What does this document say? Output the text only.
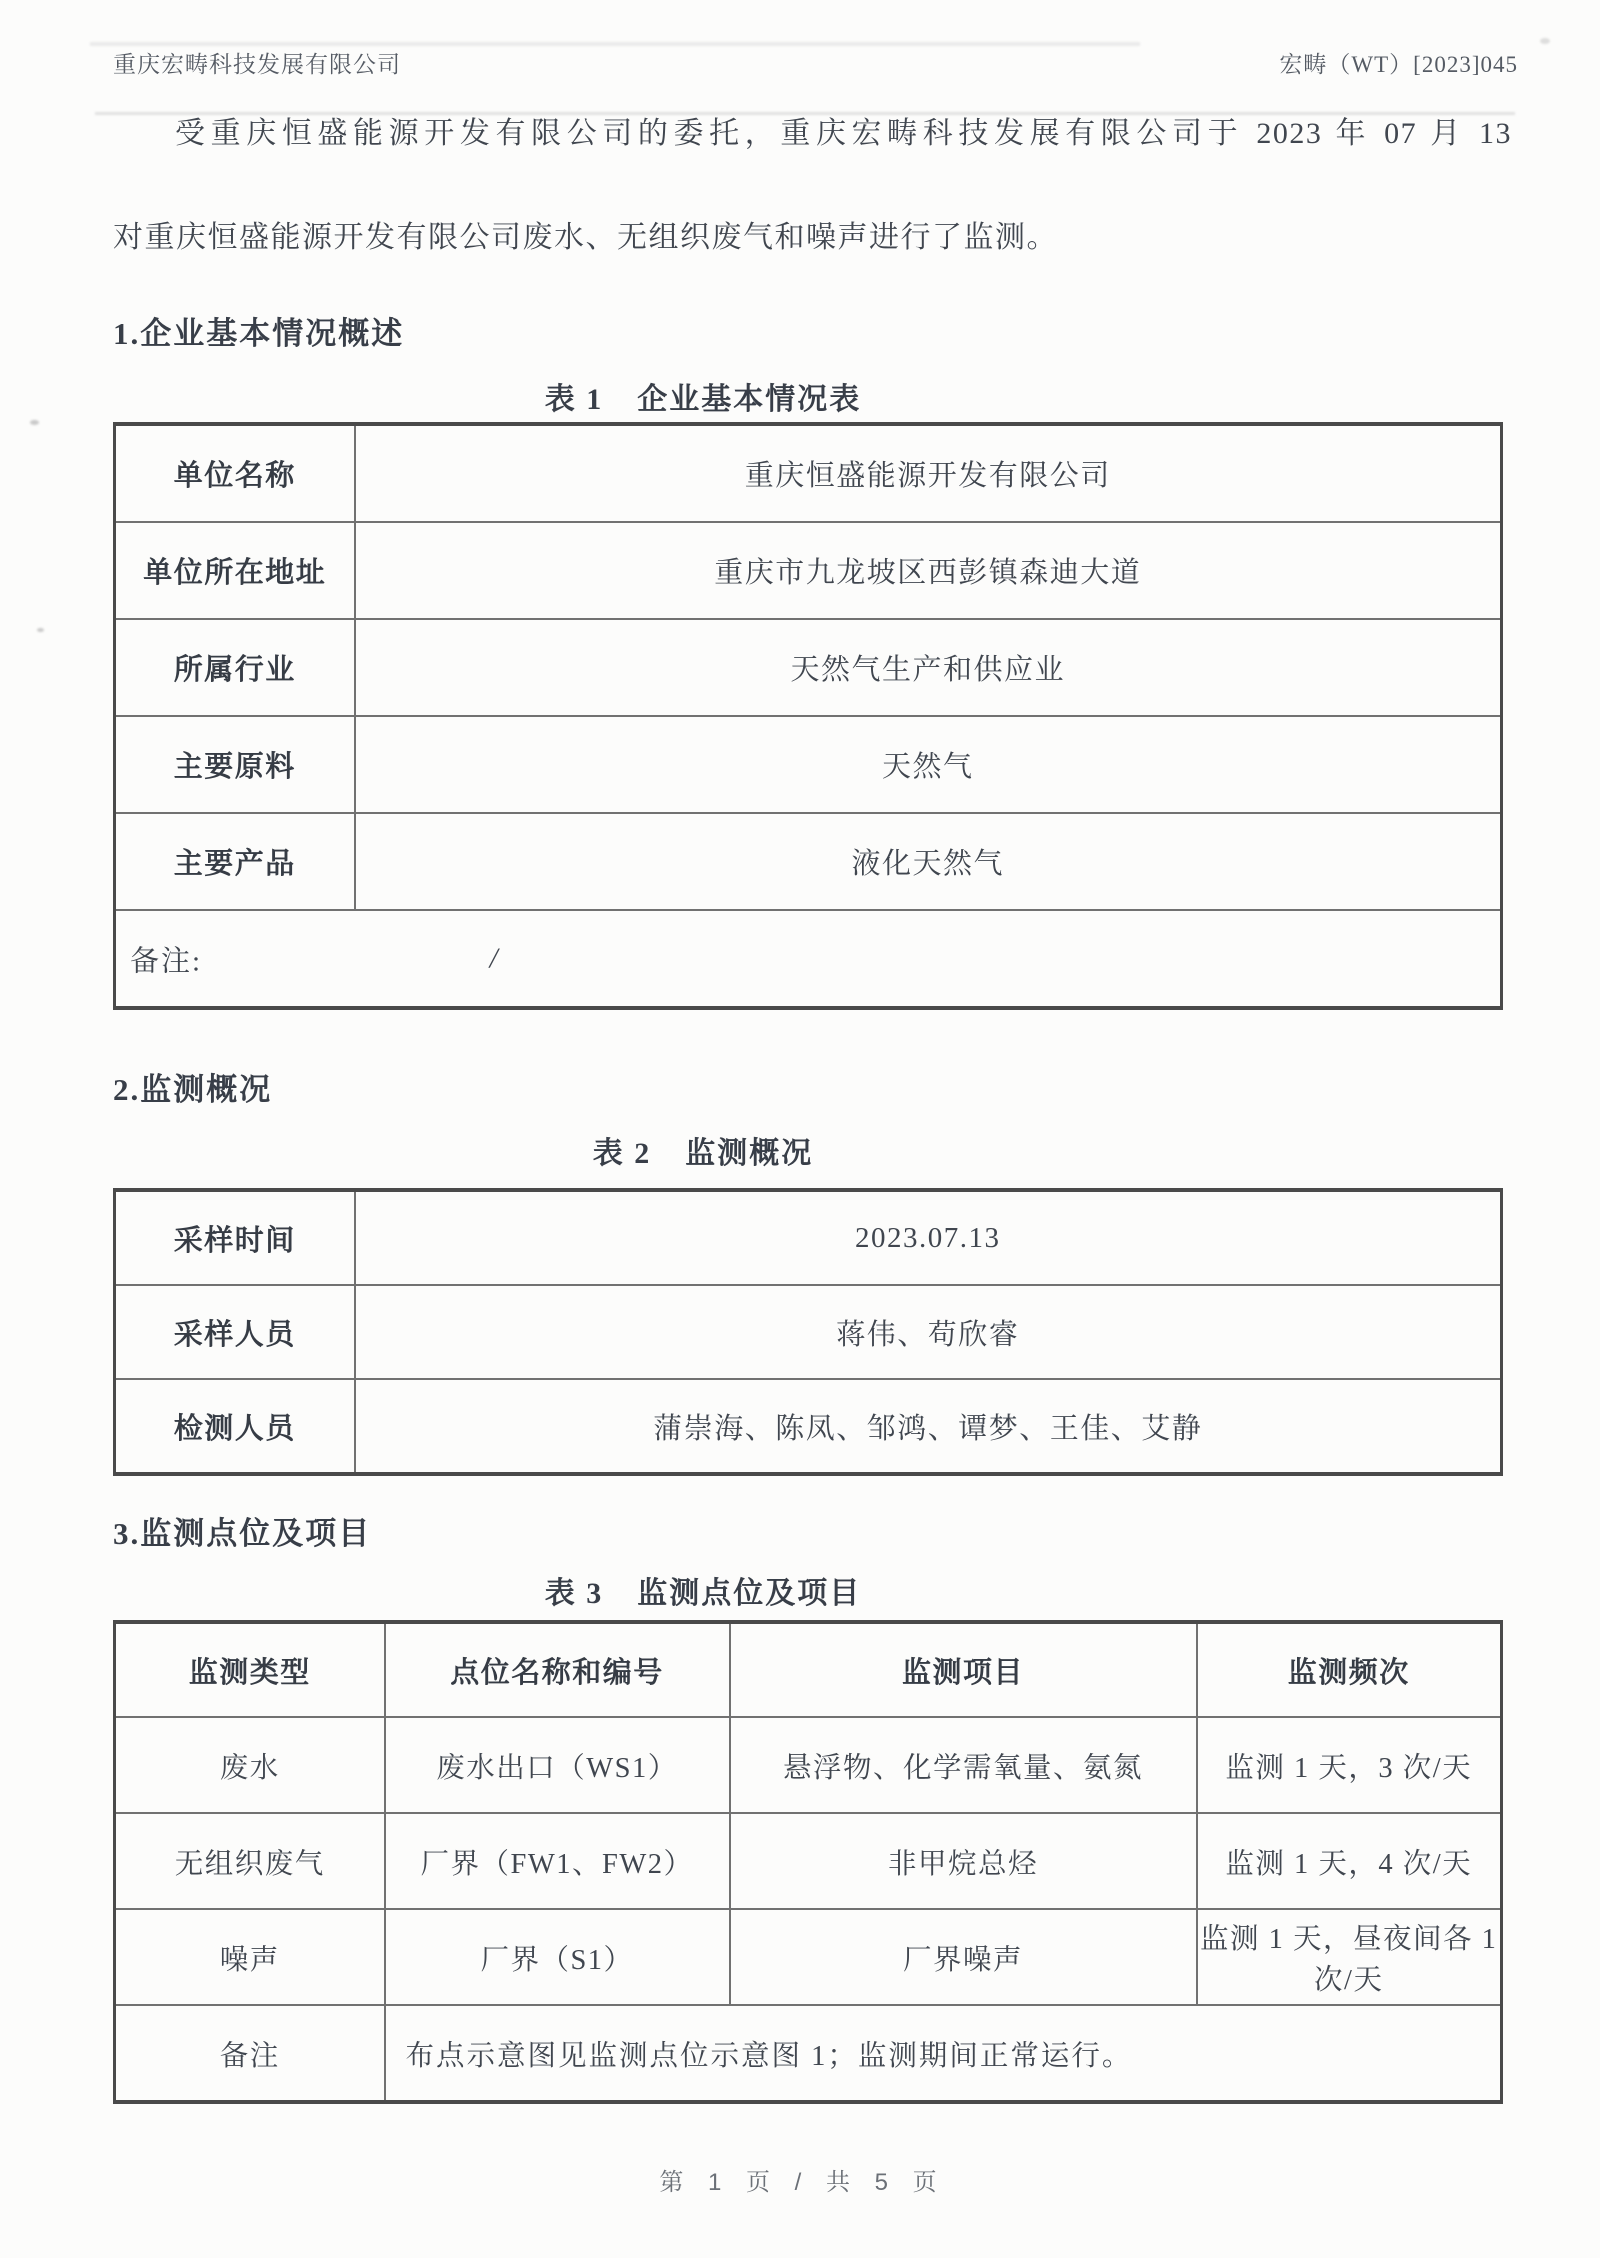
重庆宏畴科技发展有限公司	宏畴（WT）[2023]045
受重庆恒盛能源开发有限公司的委托，重庆宏畴科技发展有限公司于 2023 年 07 月 13
对重庆恒盛能源开发有限公司废水、无组织废气和噪声进行了监测。
1.企业基本情况概述
表 1 企业基本情况表
单位名称	重庆恒盛能源开发有限公司
单位所在地址	重庆市九龙坡区西彭镇森迪大道
所属行业	天然气生产和供应业
主要原料	天然气
主要产品	液化天然气

备注: /	
2.监测概况
表 2 监测概况
采样时间	2023.07.13
采样人员	蒋伟、苟欣睿
检测人员	蒲崇海、陈凤、邹鸿、谭梦、王佳、艾静
3.监测点位及项目
表 3 监测点位及项目
监测类型	点位名称和编号	监测项目	监测频次
废水	废水出口（WS1）	悬浮物、化学需氧量、氨氮	监测 1 天，3 次/天
无组织废气	厂界（FW1、FW2）	非甲烷总烃	监测 1 天，4 次/天
噪声	厂界（S1）	厂界噪声	监测 1 天，昼夜间各 1 次/天
备注	布点示意图见监测点位示意图 1；监测期间正常运行。		
第 1 页 / 共 5 页
